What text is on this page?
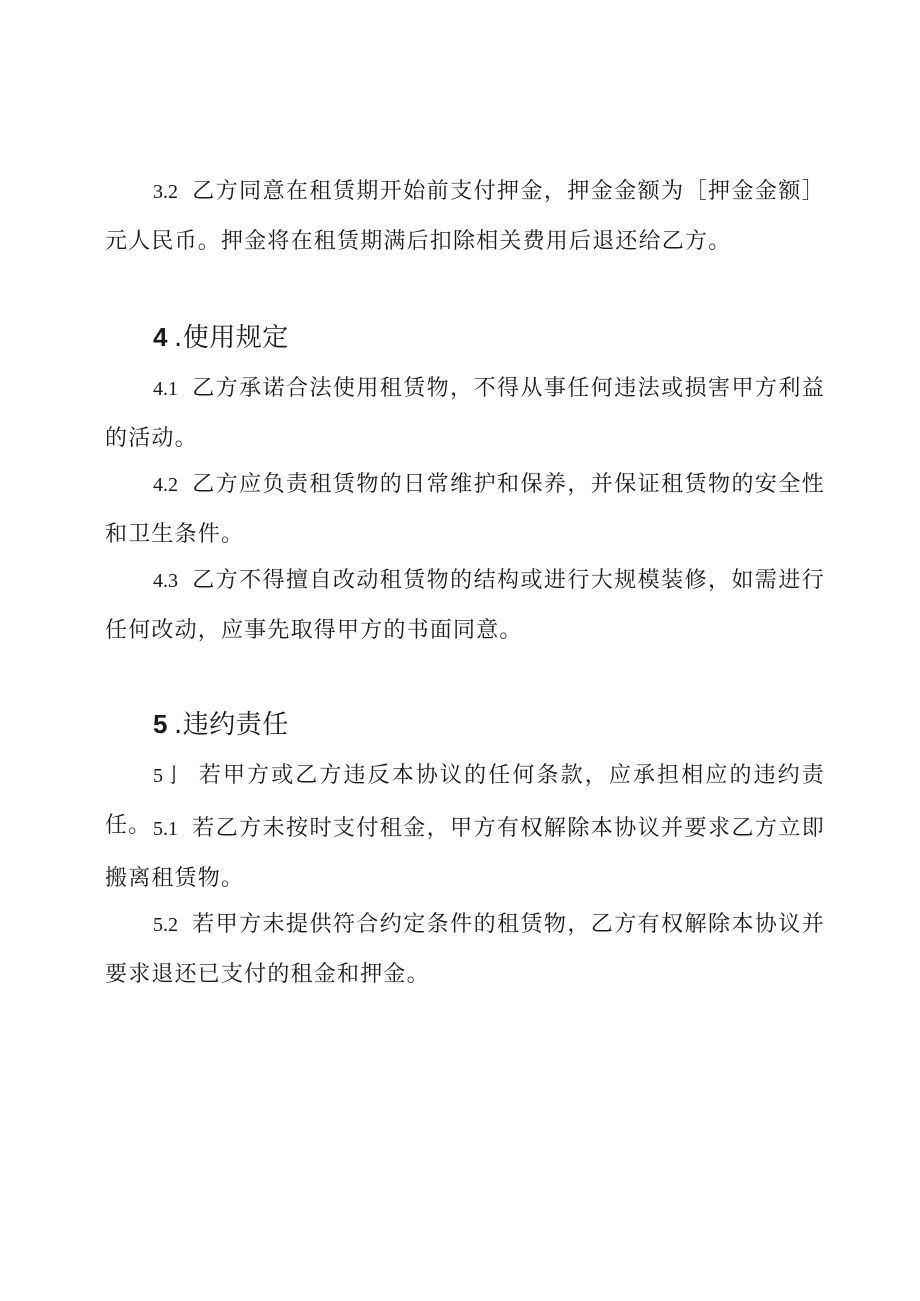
3.2 乙方同意在租赁期开始前支付押金，押金金额为［押金金额］元人民币。押金将在租赁期满后扣除相关费用后退还给乙方。

4 .使用规定

4.1 乙方承诺合法使用租赁物，不得从事任何违法或损害甲方利益的活动。

4.2 乙方应负责租赁物的日常维护和保养，并保证租赁物的安全性和卫生条件。

4.3 乙方不得擅自改动租赁物的结构或进行大规模装修，如需进行任何改动，应事先取得甲方的书面同意。

5 .违约责任

5亅 若甲方或乙方违反本协议的任何条款，应承担相应的违约责任。 5.1 若乙方未按时支付租金，甲方有权解除本协议并要求乙方立即搬离租赁物。

5.2 若甲方未提供符合约定条件的租赁物，乙方有权解除本协议并要求退还已支付的租金和押金。
